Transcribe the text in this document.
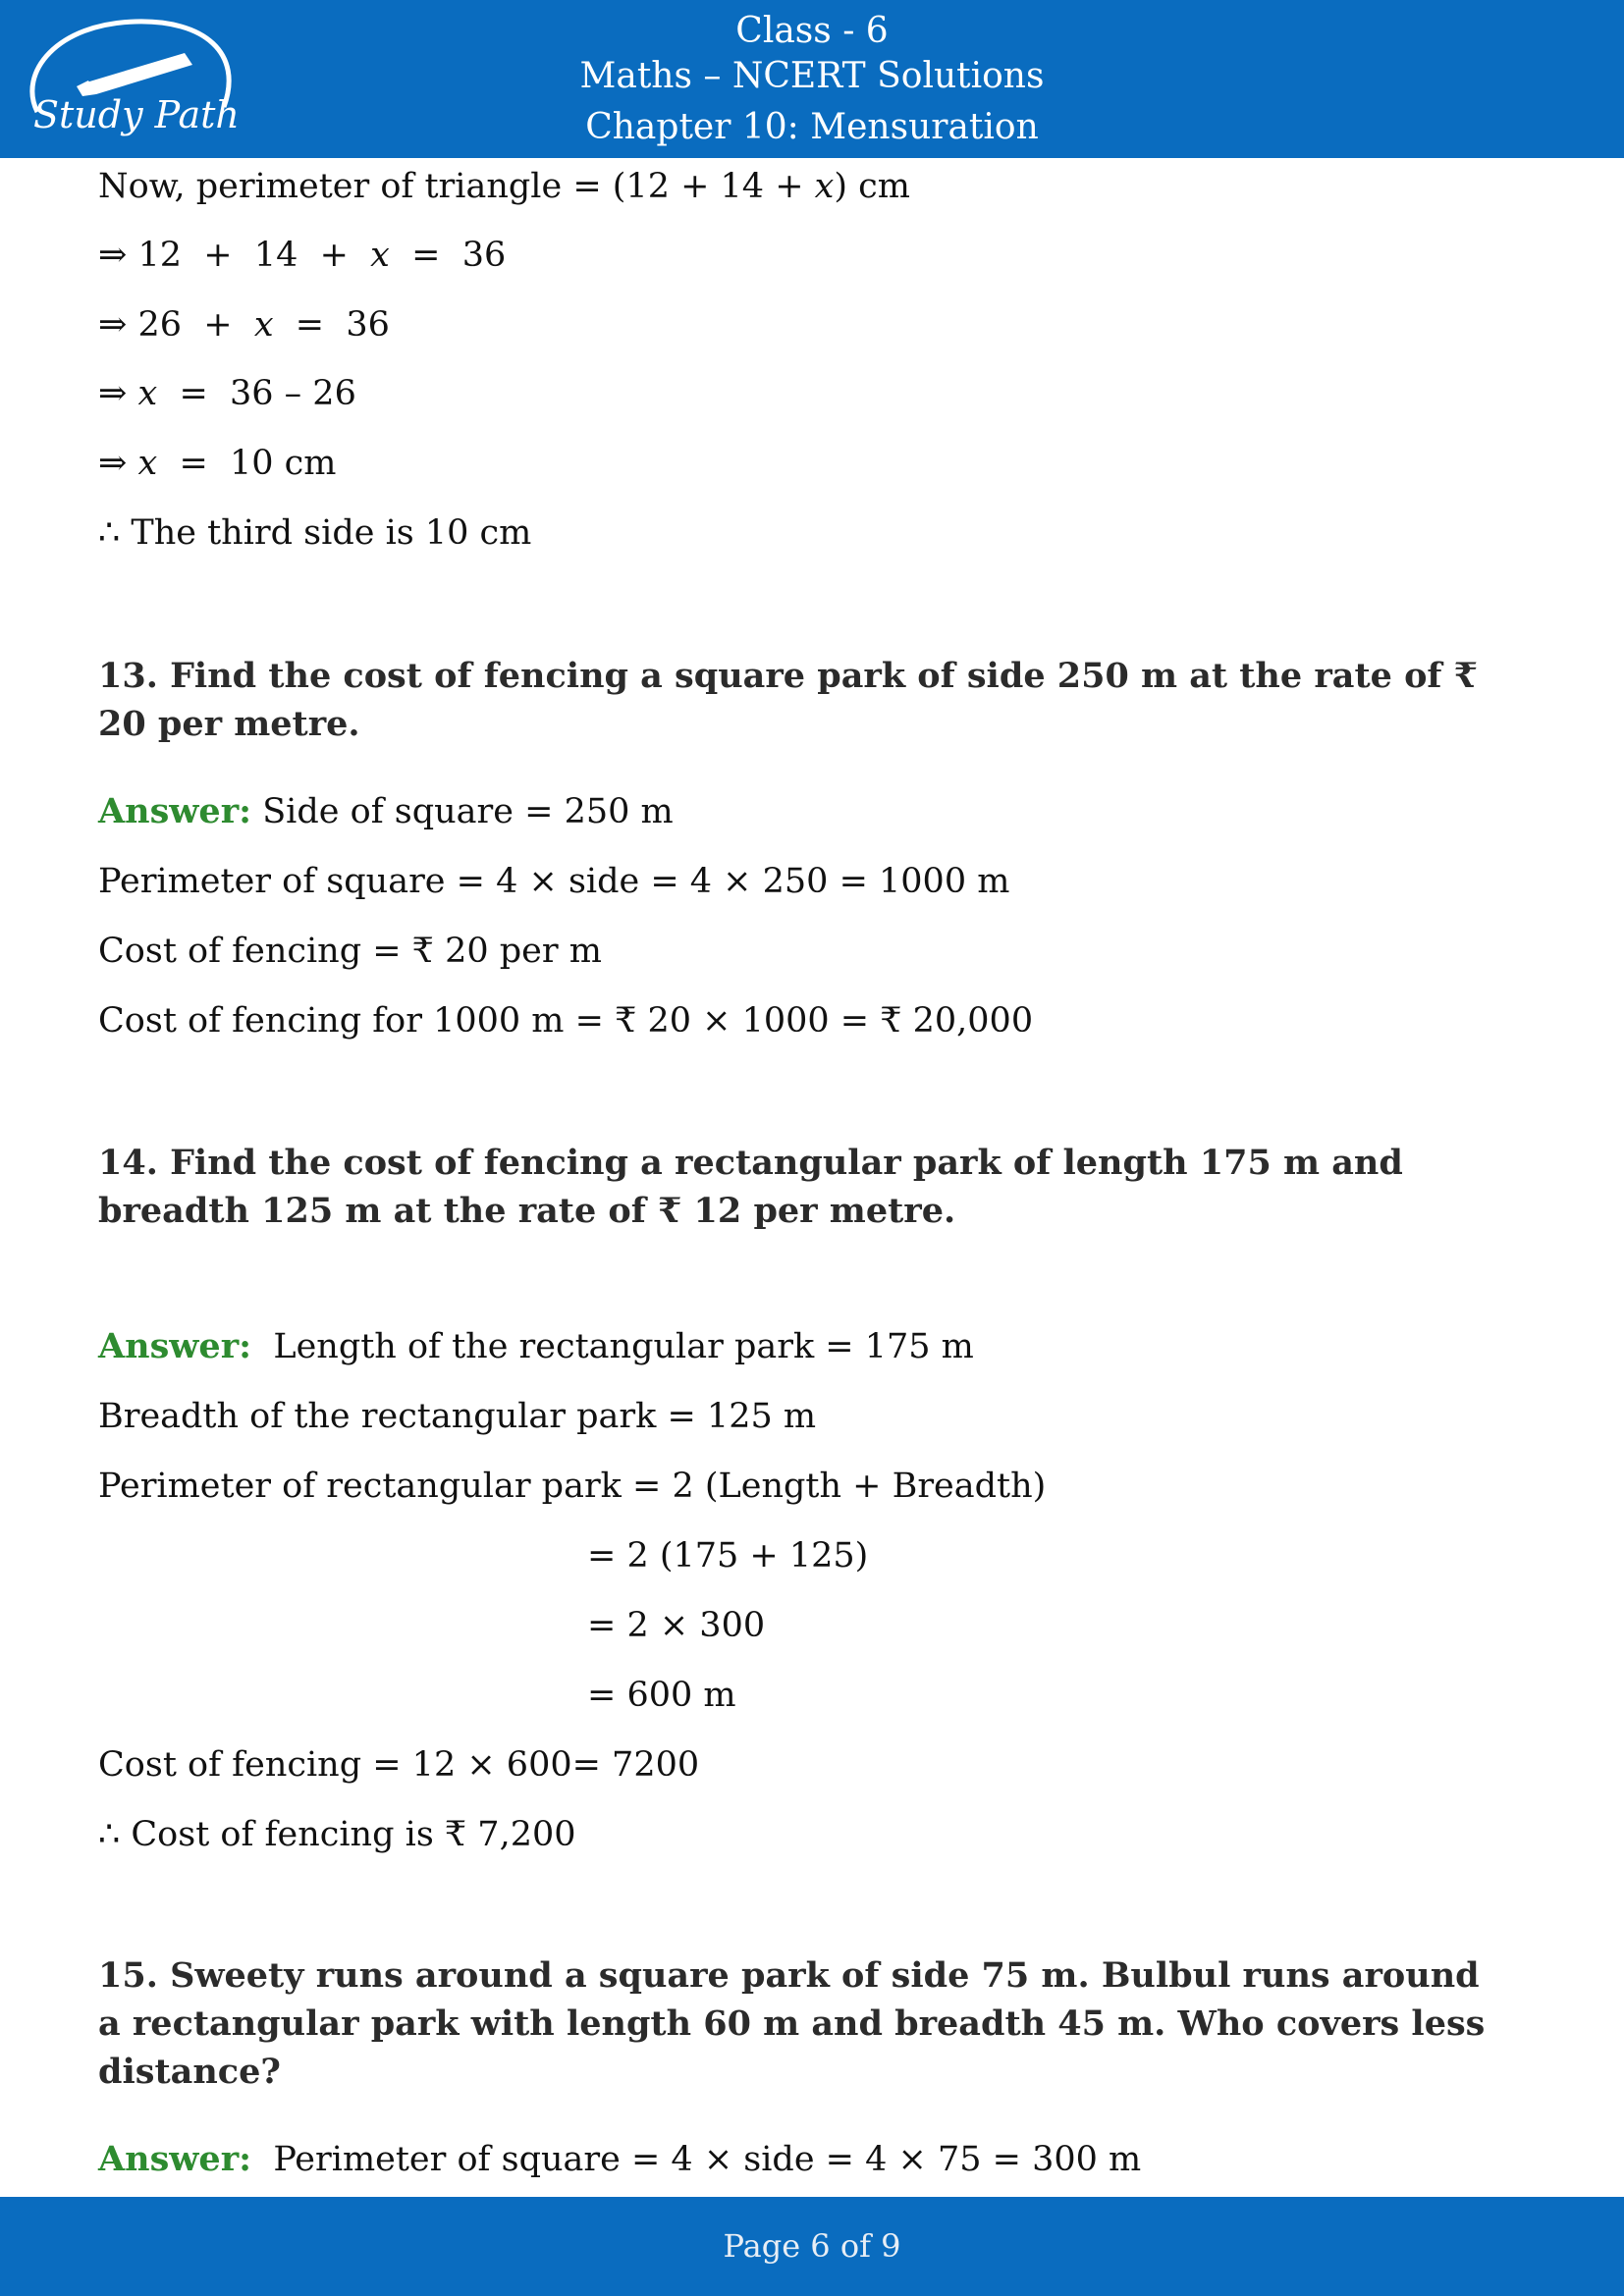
Study Path
Class - 6
Maths – NCERT Solutions
Chapter 10: Mensuration
Now, perimeter of triangle = (12 + 14 + 𝑥) cm
⇒ 12  +  14  +  𝑥  =  36
⇒ 26  +  𝑥  =  36
⇒ 𝑥  =  36 – 26
⇒ 𝑥  =  10 cm
∴ The third side is 10 cm
13. Find the cost of fencing a square park of side 250 m at the rate of ₹ 20 per metre.
Answer: Side of square = 250 m
Perimeter of square = 4 × side = 4 × 250 = 1000 m
Cost of fencing = ₹ 20 per m
Cost of fencing for 1000 m = ₹ 20 × 1000 = ₹ 20,000
14. Find the cost of fencing a rectangular park of length 175 m and breadth 125 m at the rate of ₹ 12 per metre.
Answer:  Length of the rectangular park = 175 m
Breadth of the rectangular park = 125 m
Perimeter of rectangular park = 2 (Length + Breadth)
= 2 (175 + 125)
= 2 × 300
= 600 m
Cost of fencing = 12 × 600= 7200
∴ Cost of fencing is ₹ 7,200
15. Sweety runs around a square park of side 75 m. Bulbul runs around a rectangular park with length 60 m and breadth 45 m. Who covers less distance?
Answer:  Perimeter of square = 4 × side = 4 × 75 = 300 m
Page 6 of 9
